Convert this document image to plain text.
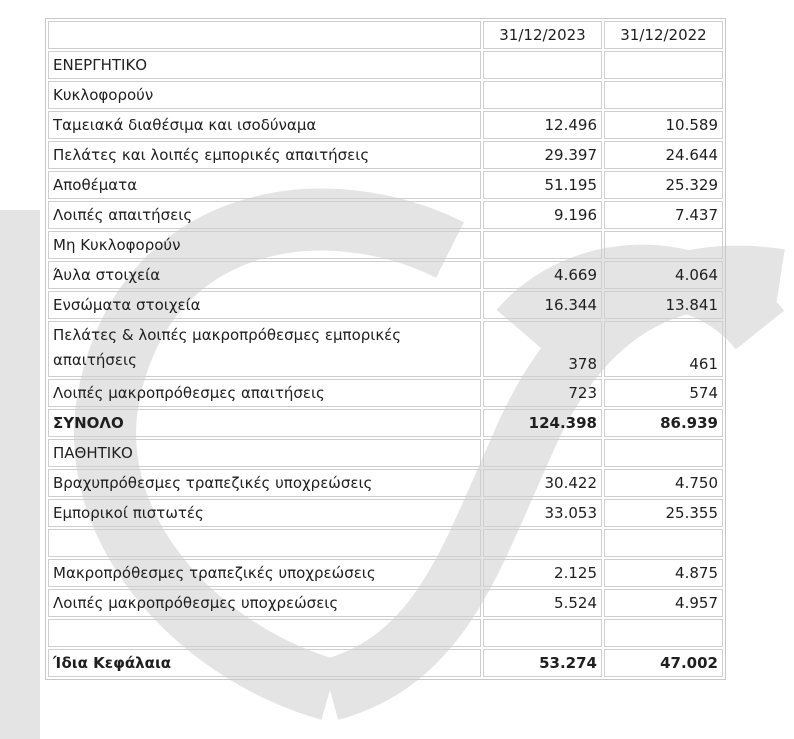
	31/12/2023	31/12/2022
ΕΝΕΡΓΗΤΙΚΟ		
Κυκλοφορούν		
Ταμειακά διαθέσιμα και ισοδύναμα	12.496	10.589
Πελάτες και λοιπές εμπορικές απαιτήσεις	29.397	24.644
Αποθέματα	51.195	25.329
Λοιπές απαιτήσεις	9.196	7.437
Μη Κυκλοφορούν		
Άυλα στοιχεία	4.669	4.064
Ενσώματα στοιχεία	16.344	13.841
Πελάτες & λοιπές μακροπρόθεσμες εμπορικές απαιτήσεις	378	461
Λοιπές μακροπρόθεσμες απαιτήσεις	723	574
ΣΥΝΟΛΟ	124.398	86.939
ΠΑΘΗΤΙΚΟ		
Βραχυπρόθεσμες τραπεζικές υποχρεώσεις	30.422	4.750
Εμπορικοί πιστωτές	33.053	25.355

Μακροπρόθεσμες τραπεζικές υποχρεώσεις	2.125	4.875
Λοιπές μακροπρόθεσμες υποχρεώσεις	5.524	4.957

Ίδια Κεφάλαια	53.274	47.002
